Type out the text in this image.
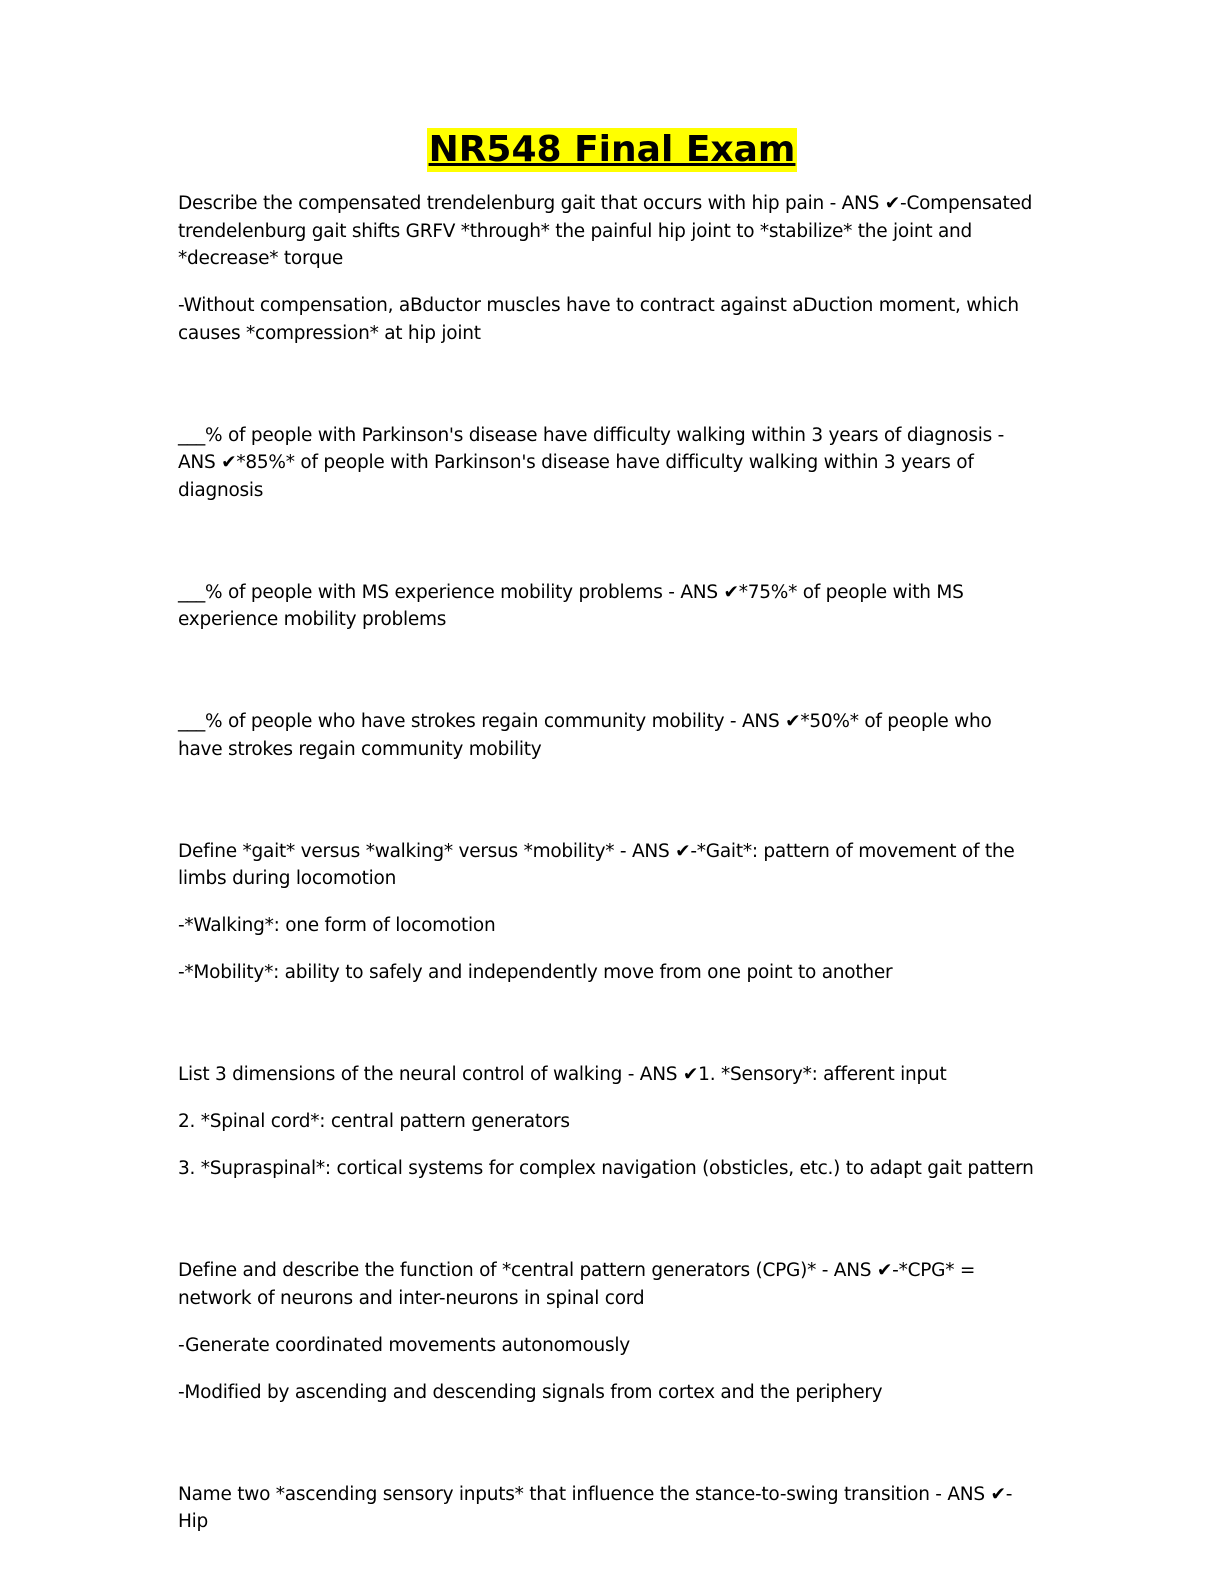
NR548 Final Exam

Describe the compensated trendelenburg gait that occurs with hip pain - ANS ✔-Compensated trendelenburg gait shifts GRFV *through* the painful hip joint to *stabilize* the joint and *decrease* torque

-Without compensation, aBductor muscles have to contract against aDuction moment, which causes *compression* at hip joint

___% of people with Parkinson's disease have difficulty walking within 3 years of diagnosis - ANS ✔*85%* of people with Parkinson's disease have difficulty walking within 3 years of diagnosis

___% of people with MS experience mobility problems - ANS ✔*75%* of people with MS experience mobility problems

___% of people who have strokes regain community mobility - ANS ✔*50%* of people who have strokes regain community mobility

Define *gait* versus *walking* versus *mobility* - ANS ✔-*Gait*: pattern of movement of the limbs during locomotion

-*Walking*: one form of locomotion

-*Mobility*: ability to safely and independently move from one point to another

List 3 dimensions of the neural control of walking - ANS ✔1. *Sensory*: afferent input

2. *Spinal cord*: central pattern generators

3. *Supraspinal*: cortical systems for complex navigation (obsticles, etc.) to adapt gait pattern

Define and describe the function of *central pattern generators (CPG)* - ANS ✔-*CPG* = network of neurons and inter-neurons in spinal cord

-Generate coordinated movements autonomously

-Modified by ascending and descending signals from cortex and the periphery

Name two *ascending sensory inputs* that influence the stance-to-swing transition - ANS ✔-Hip
